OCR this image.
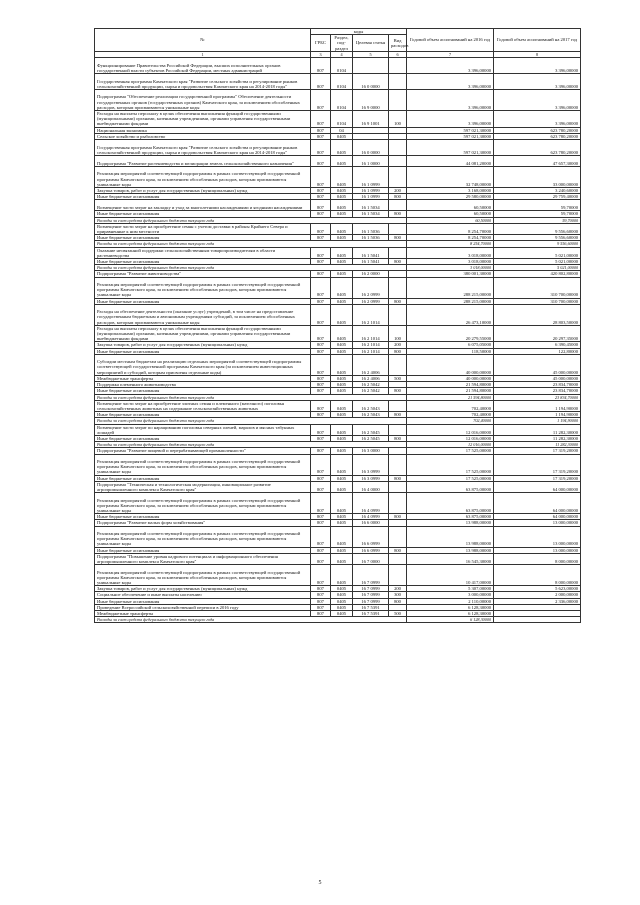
№	коды				Годовой объем ассигнований на 2016 год	Годовой объем ассигнований на 2017 год
	ГРБС	Раздел, под-раздел	Целевая статья	Вид расходов		
1	3	4	5	6	7	8
Функционирование Правительства Российской Федерации, высших исполнительных органов государственной власти субъектов Российской Федерации, местных администраций	807	0104			3 396,00000	3 396,00000
Государственная программа Камчатского края "Развитие сельского хозяйства и регулирование рынков сельскохозяйственной продукции, сырья и продовольствия Камчатского края на 2014-2018 годы"	807	0104	16 0 0000		3 396,00000	3 396,00000
Подпрограмма "Обеспечение реализации государственной программы" Обеспечение деятельности государственных органов (государственных органов) Камчатского края, за исключением обособленных расходов, которым присваиваются уникальные коды	807	0104	16 9 0000		3 396,00000	3 396,00000
Расходы на выплаты персоналу в целях обеспечения выполнения функций государственными (муниципальными) органами, казенными учреждениями, органами управления государственными внебюджетными фондами	807	0104	16 9 1001	100	3 396,00000	3 396,00000
Национальная экономика	807	04			597 021,30000	623 780,20000
Сельское хозяйство и рыболовство	807	0405			597 021,30000	623 780,20000
Государственная программа Камчатского края "Развитие сельского хозяйства и регулирование рынков сельскохозяйственной продукции, сырья и продовольствия Камчатского края на 2014-2018 годы"	807	0405	16 0 0000		597 021,30000	623 780,20000
Подпрограмма "Развитие растениеводства и мелиорации земель сельскохозяйственного назначения"	807	0405	16 1 0000		44 081,20000	47 657,30000
Реализация мероприятий соответствующей подпрограммы в рамках соответствующей государственной программы Камчатского края, за исключением обособленных расходов, которым присваиваются уникальные коды	807	0405	16 1 0999		32 748,00000	33 000,00000
Закупка товаров, работ и услуг для государственных (муниципальных) нужд	807	0405	16 1 0999	200	3 168,00000	3 240,60000
Иные бюджетные ассигнования	807	0405	16 1 0999	800	29 580,00000	29 759,40000
Возмещение части затрат на закладку и уход за многолетними насаждениями и ягодными насаждениями	807	0405	16 1 5034		60,50000	59,70000
Иные бюджетные ассигнования	807	0405	16 1 5034	800	60,50000	59,70000
Расходы за счет средств федерального бюджета текущего года					60,50000	59,70000
Возмещение части затрат на приобретение семян с учетом доставки в районы Крайнего Севера и приравненные к ним местности	807	0405	16 1 5036		8 254,70000	9 556,60000
Иные бюджетные ассигнования	807	0405	16 1 5036	800	8 254,70000	9 556,60000
Расходы за счет средств федерального бюджета текущего года					8 254,70000	9 556,60000
Оказание несвязанной поддержки сельскохозяйственным товаропроизводителям в области растениеводства	807	0405	16 1 5041		3 018,00000	5 021,00000
Иные бюджетные ассигнования	807	0405	16 1 5041	800	3 018,00000	5 021,00000
Расходы за счет средств федерального бюджета текущего года					3 018,00000	5 021,00000
Подпрограмма "Развитие животноводства"	807	0405	16 2 0000		380 001,30000	420 802,80000
Реализация мероприятий соответствующей подпрограммы в рамках соответствующей государственной программы Камчатского края, за исключением обособленных расходов, которым присваиваются уникальные коды	807	0405	16 2 0999		288 215,00000	310 700,00000
Иные бюджетные ассигнования	807	0405	16 2 0999	800	288 215,00000	310 700,00000
Расходы на обеспечение деятельности (оказание услуг) учреждений, в том числе на предоставление государственным бюджетным и автономным учреждениям субсидий, за исключением обособленных расходов, которым присваиваются уникальные коды	807	0405	16 2 1014		26 473,10000	28 803,50000
Расходы на выплаты персоналу в целях обеспечения выполнения функций государственными (муниципальными) органами, казенными учреждениями, органами управления государственными внебюджетными фондами	807	0405	16 2 1014	100	20 279,55000	20 297,35000
Закупка товаров, работ и услуг для государственных (муниципальных) нужд	807	0405	16 2 1014	200	6 075,05000	6 390,45000
Иные бюджетные ассигнования	807	0405	16 2 1014	800	118,50000	122,80000
Субсидии местным бюджетам на реализацию отдельных мероприятий соответствующей подпрограммы соответствующей государственной программы Камчатского края (за исключением инвестиционных мероприятий и субсидий, которым присвоены отдельные коды)	807	0405	16 2 4006		40 000,00000	45 000,00000
Межбюджетные трансферты	807	0405	16 2 4006	500	40 000,00000	45 000,00000
Поддержка племенного животноводства	807	0405	16 2 5042		21 594,80000	23 834,70000
Иные бюджетные ассигнования	807	0405	16 2 5042	800	21 594,80000	23 834,70000
Расходы за счет средств федерального бюджета текущего года					21 594,80000	23 834,70000
Возмещение части затрат на приобретение элитных семян и племенного (маточного) поголовья сельскохозяйственных животных на содержание сельскохозяйственных животных	807	0405	16 2 5043		702,40000	1 194,90000
Иные бюджетные ассигнования	807	0405	16 2 5043	800	702,40000	1 194,90000
Расходы за счет средств федерального бюджета текущего года					702,40000	1 194,90000
Возмещение части затрат по наращиванию поголовья северных оленей, маралов и мясных табунных лошадей	807	0405	16 2 5045		12 016,00000	11 282,30000
Иные бюджетные ассигнования	807	0405	16 2 5045	800	12 016,00000	11 282,30000
Расходы за счет средств федерального бюджета текущего года					12 016,00000	11 282,30000
Подпрограмма "Развитие пищевой и перерабатывающей промышленности"	807	0405	16 3 0000		17 525,00000	17 319,20000
Реализация мероприятий соответствующей подпрограммы в рамках соответствующей государственной программы Камчатского края, за исключением обособленных расходов, которым присваиваются уникальные коды	807	0405	16 3 0999		17 525,00000	17 319,20000
Иные бюджетные ассигнования	807	0405	16 3 0999	800	17 525,00000	17 319,20000
Подпрограмма "Техническая и технологическая модернизация, инновационное развитие агропромышленного комплекса Камчатского края"	807	0405	16 4 0000		63 875,00000	64 000,00000
Реализация мероприятий соответствующей подпрограммы в рамках соответствующей государственной программы Камчатского края, за исключением обособленных расходов, которым присваиваются уникальные коды	807	0405	16 4 0999		63 875,00000	64 000,00000
Иные бюджетные ассигнования	807	0405	16 4 0999	800	63 875,00000	64 000,00000
Подпрограмма "Развитие малых форм хозяйствования"	807	0405	16 6 0000		13 988,00000	13 000,00000
Реализация мероприятий соответствующей подпрограммы в рамках соответствующей государственной программы Камчатского края, за исключением обособленных расходов, которым присваиваются уникальные коды	807	0405	16 6 0999		13 988,00000	13 000,00000
Иные бюджетные ассигнования	807	0405	16 6 0999	800	13 988,00000	13 000,00000
Подпрограмма "Повышение уровня кадрового потенциала и информационного обеспечения агропромышленного комплекса Камчатского края"	807	0405	16 7 0000		16 545,30000	8 000,00000
Реализация мероприятий соответствующей подпрограммы в рамках соответствующей государственной программы Камчатского края, за исключением обособленных расходов, которым присваиваются уникальные коды	807	0405	16 7 0999		10 417,00000	8 000,00000
Закупка товаров, работ и услуг для государственных (муниципальных) нужд	807	0405	16 7 0999	200	5 307,00000	5 623,00000
Социальное обеспечение и иные выплаты населению	807	0405	16 7 0999	300	3 000,00000	2 000,00000
Иные бюджетные ассигнования	807	0405	16 7 0999	800	2 110,00000	2 336,00000
Проведение Всероссийской сельскохозяйственной переписи в 2016 году	807	0405	16 7 5391		6 128,30000	
Межбюджетные трансферты	807	0405	16 7 5391	500	6 128,30000	
Расходы за счет средств федерального бюджета текущего года					6 128,30000	
5
